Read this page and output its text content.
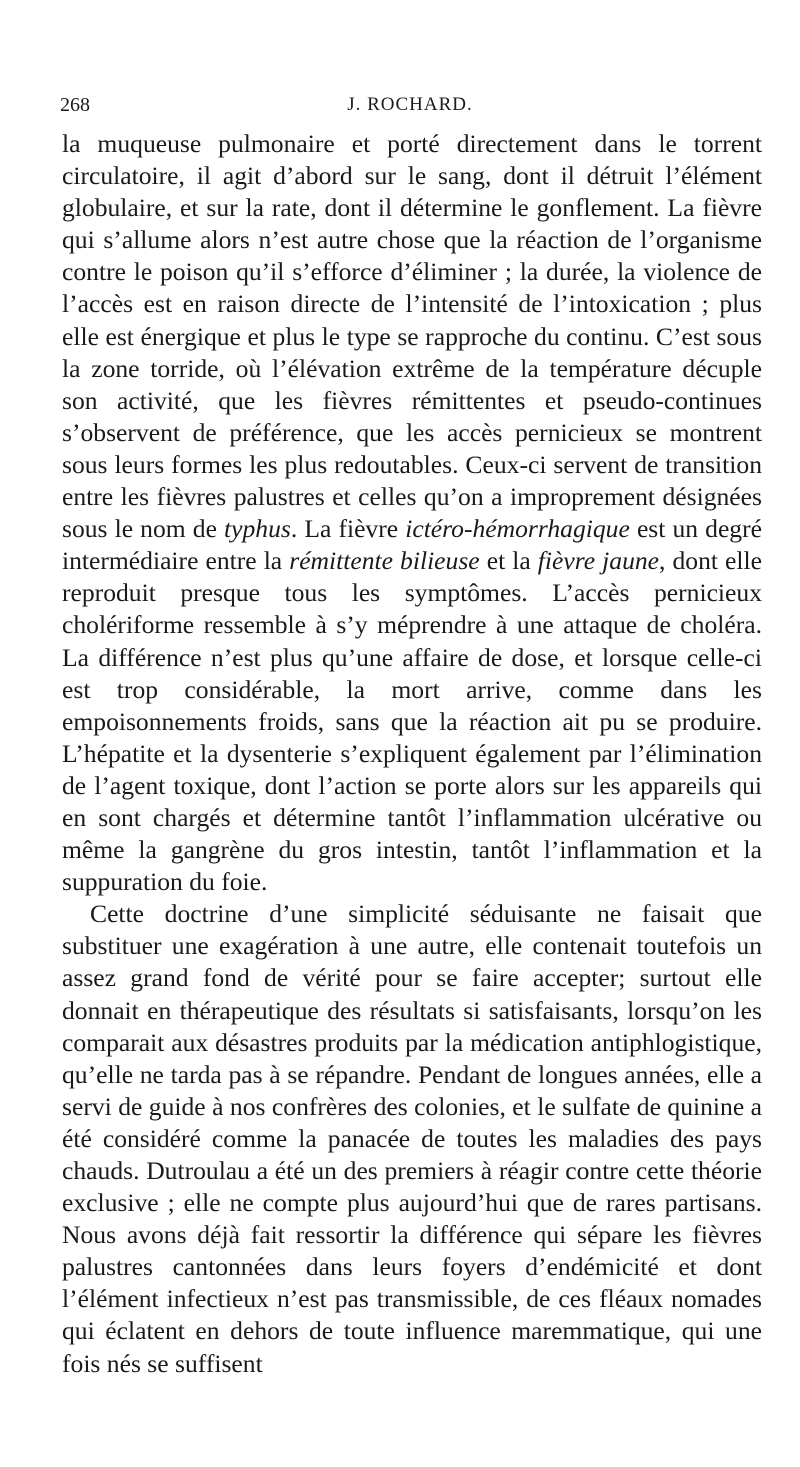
268	J. ROCHARD.

la muqueuse pulmonaire et porté directement dans le torrent circulatoire, il agit d’abord sur le sang, dont il détruit l’élément globulaire, et sur la rate, dont il détermine le gonflement. La fièvre qui s’allume alors n’est autre chose que la réaction de l’organisme contre le poison qu’il s’efforce d’éliminer ; la durée, la violence de l’accès est en raison directe de l’intensité de l’intoxication ; plus elle est énergique et plus le type se rapproche du continu. C’est sous la zone torride, où l’élévation extrême de la température décuple son activité, que les fièvres rémittentes et pseudo-continues s’observent de préférence, que les accès pernicieux se montrent sous leurs formes les plus redoutables. Ceux-ci servent de transition entre les fièvres palustres et celles qu’on a improprement désignées sous le nom de typhus. La fièvre ictéro-hémorrhagique est un degré intermédiaire entre la rémittente bilieuse et la fièvre jaune, dont elle reproduit presque tous les symptômes. L’accès pernicieux cholériforme ressemble à s’y méprendre à une attaque de choléra. La différence n’est plus qu’une affaire de dose, et lorsque celle-ci est trop considérable, la mort arrive, comme dans les empoisonnements froids, sans que la réaction ait pu se produire. L’hépatite et la dysenterie s’expliquent également par l’élimination de l’agent toxique, dont l’action se porte alors sur les appareils qui en sont chargés et détermine tantôt l’inflammation ulcérative ou même la gangrène du gros intestin, tantôt l’inflammation et la suppuration du foie.

Cette doctrine d’une simplicité séduisante ne faisait que substituer une exagération à une autre, elle contenait toutefois un assez grand fond de vérité pour se faire accepter; surtout elle donnait en thérapeutique des résultats si satisfaisants, lorsqu’on les comparait aux désastres produits par la médication antiphlogistique, qu’elle ne tarda pas à se répandre. Pendant de longues années, elle a servi de guide à nos confrères des colonies, et le sulfate de quinine a été considéré comme la panacée de toutes les maladies des pays chauds. Dutroulau a été un des premiers à réagir contre cette théorie exclusive ; elle ne compte plus aujourd’hui que de rares partisans. Nous avons déjà fait ressortir la différence qui sépare les fièvres palustres cantonnées dans leurs foyers d’endémicité et dont l’élément infectieux n’est pas transmissible, de ces fléaux nomades qui éclatent en dehors de toute influence maremmatique, qui une fois nés se suffisent
